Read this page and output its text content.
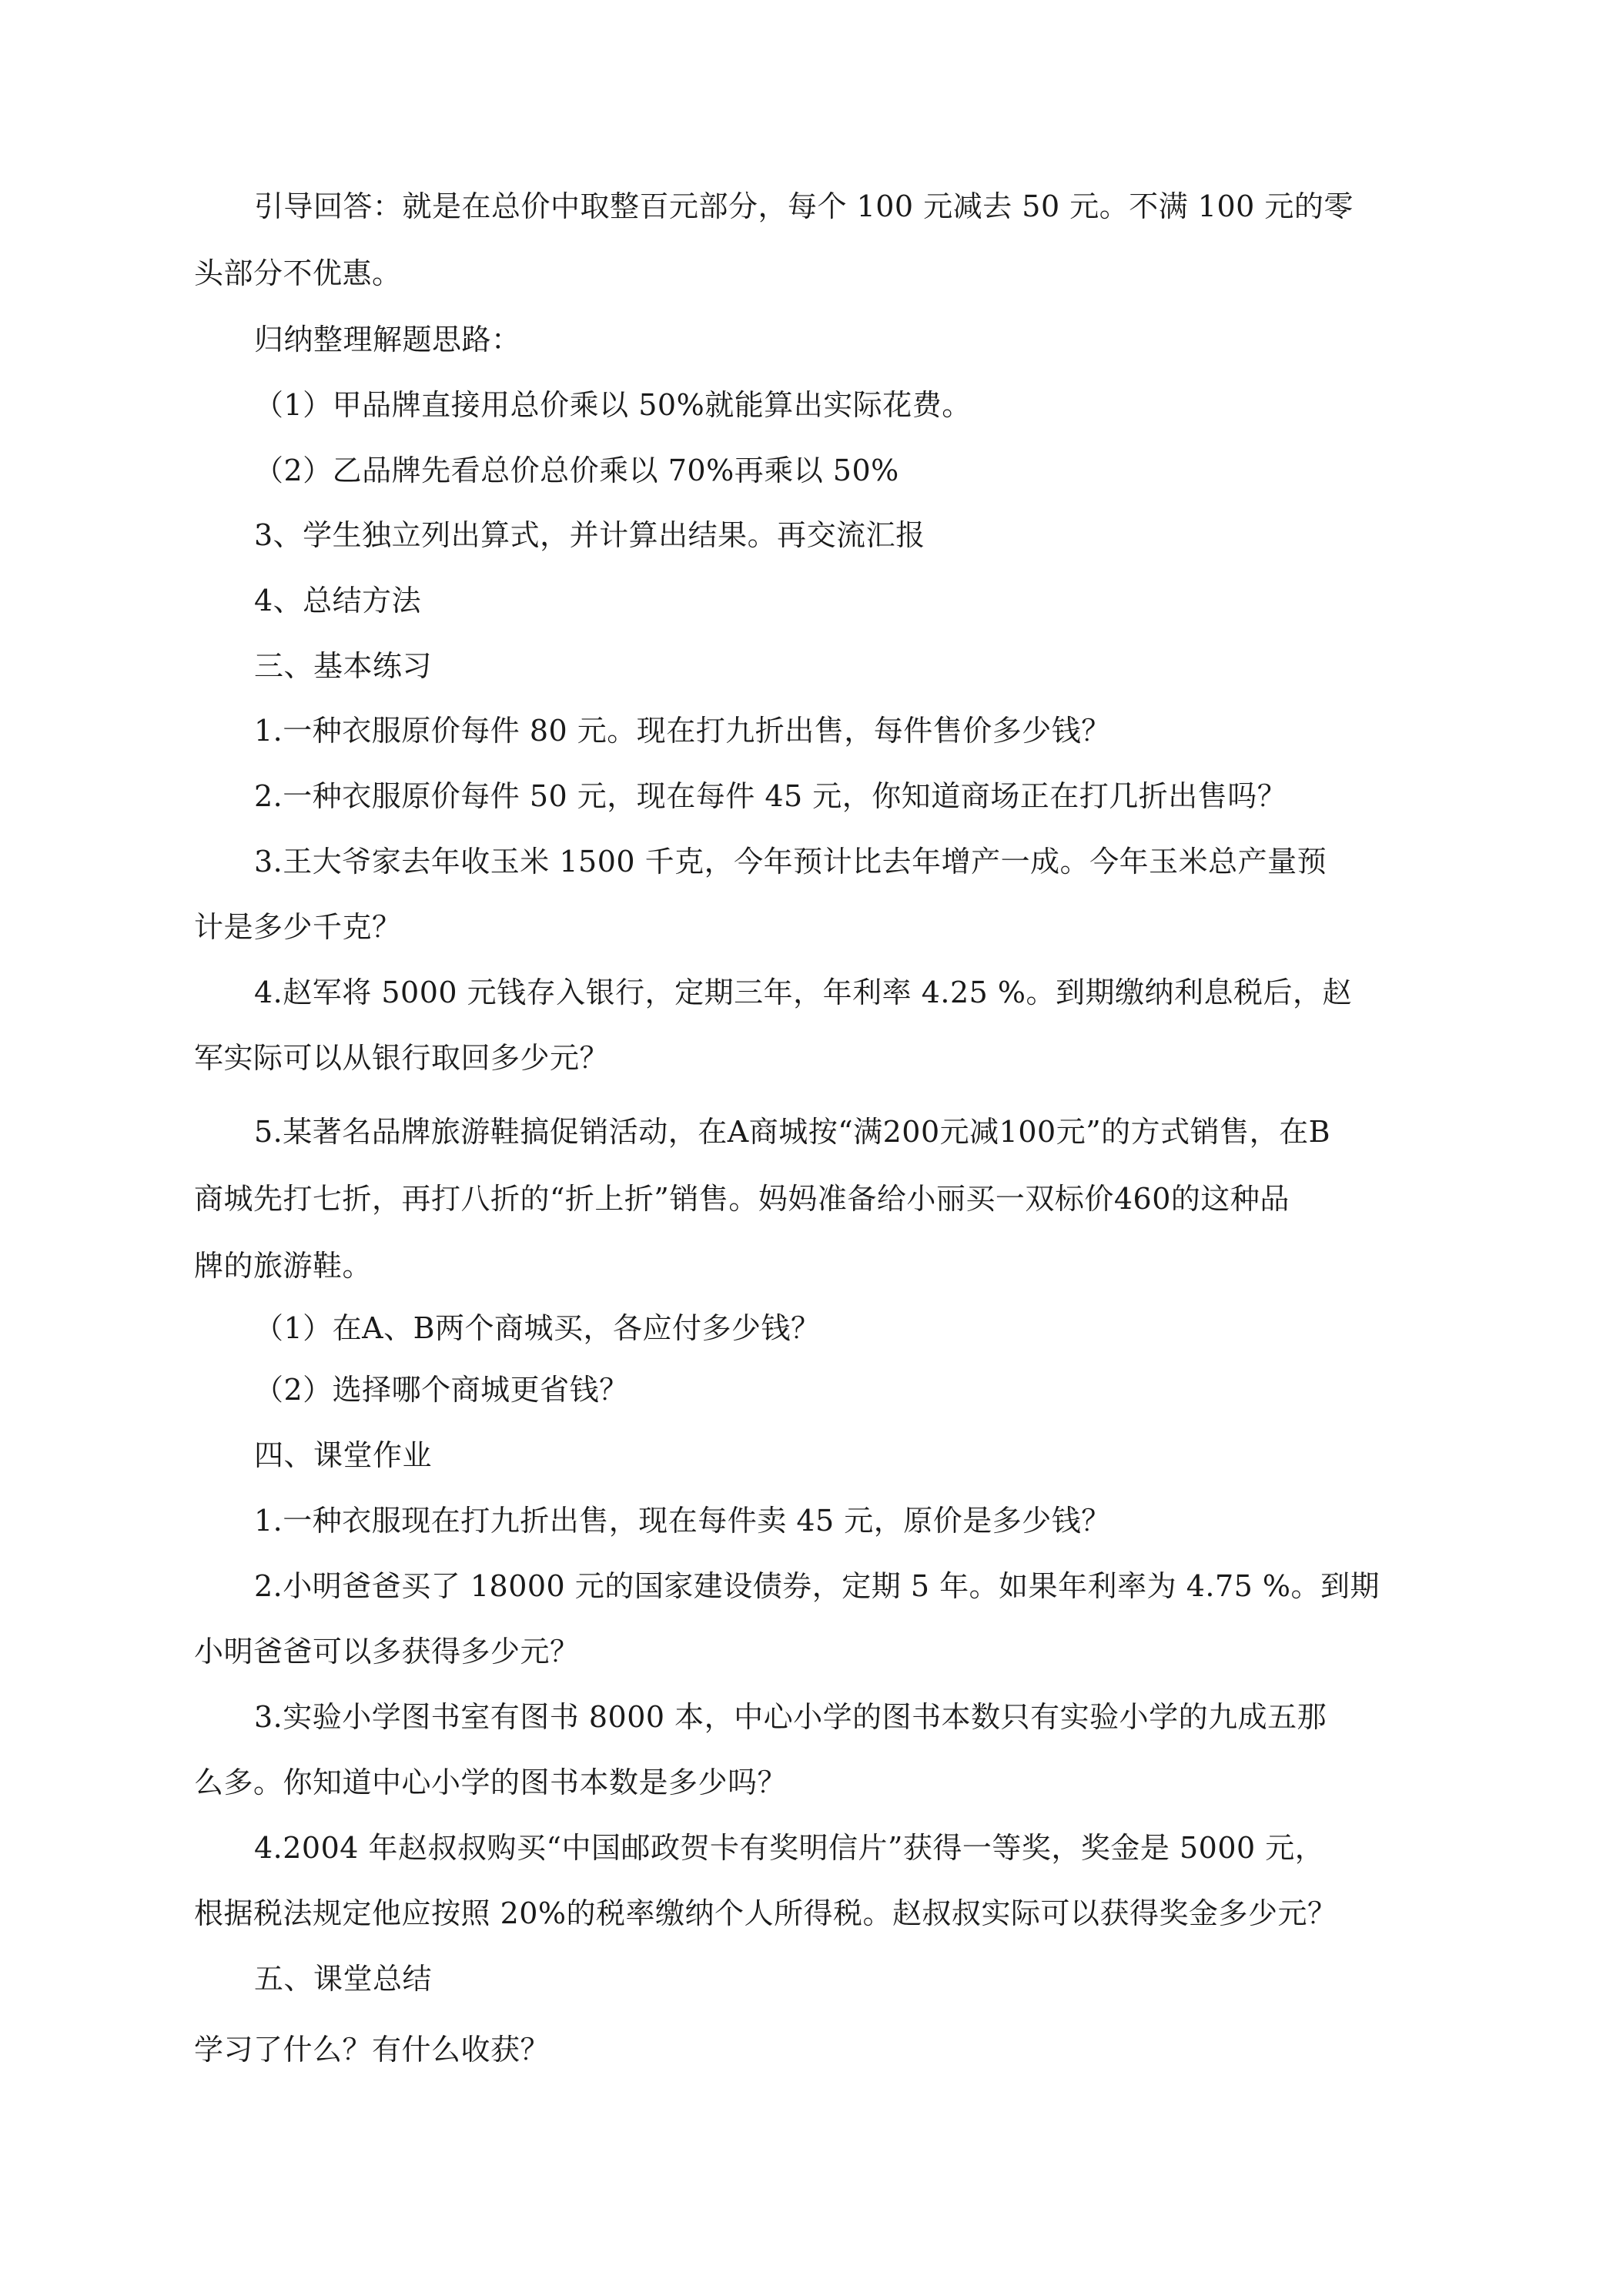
引导回答：就是在总价中取整百元部分，每个 100 元减去 50 元。不满 100 元的零

头部分不优惠。

归纳整理解题思路：

（1）甲品牌直接用总价乘以 50%就能算出实际花费。

（2）乙品牌先看总价总价乘以 70%再乘以 50%

3、学生独立列出算式，并计算出结果。再交流汇报

4、总结方法

三、基本练习

1.一种衣服原价每件 80 元。现在打九折出售，每件售价多少钱？

2.一种衣服原价每件 50 元，现在每件 45 元，你知道商场正在打几折出售吗？

3.王大爷家去年收玉米 1500 千克，今年预计比去年增产一成。今年玉米总产量预

计是多少千克？

4.赵军将 5000 元钱存入银行，定期三年，年利率 4.25 %。到期缴纳利息税后，赵

军实际可以从银行取回多少元？

5.某著名品牌旅游鞋搞促销活动，在A商城按“满200元减100元”的方式销售，在B

商城先打七折，再打八折的“折上折”销售。妈妈准备给小丽买一双标价460的这种品

牌的旅游鞋。

（1）在A、B两个商城买，各应付多少钱？

（2）选择哪个商城更省钱？

四、课堂作业

1.一种衣服现在打九折出售，现在每件卖 45 元，原价是多少钱？

2.小明爸爸买了 18000 元的国家建设债券，定期 5 年。如果年利率为 4.75 %。到期

小明爸爸可以多获得多少元？

3.实验小学图书室有图书 8000 本，中心小学的图书本数只有实验小学的九成五那

么多。你知道中心小学的图书本数是多少吗？

4.2004 年赵叔叔购买“中国邮政贺卡有奖明信片”获得一等奖，奖金是 5000 元，

根据税法规定他应按照 20%的税率缴纳个人所得税。赵叔叔实际可以获得奖金多少元？

五、课堂总结

学习了什么？有什么收获？
